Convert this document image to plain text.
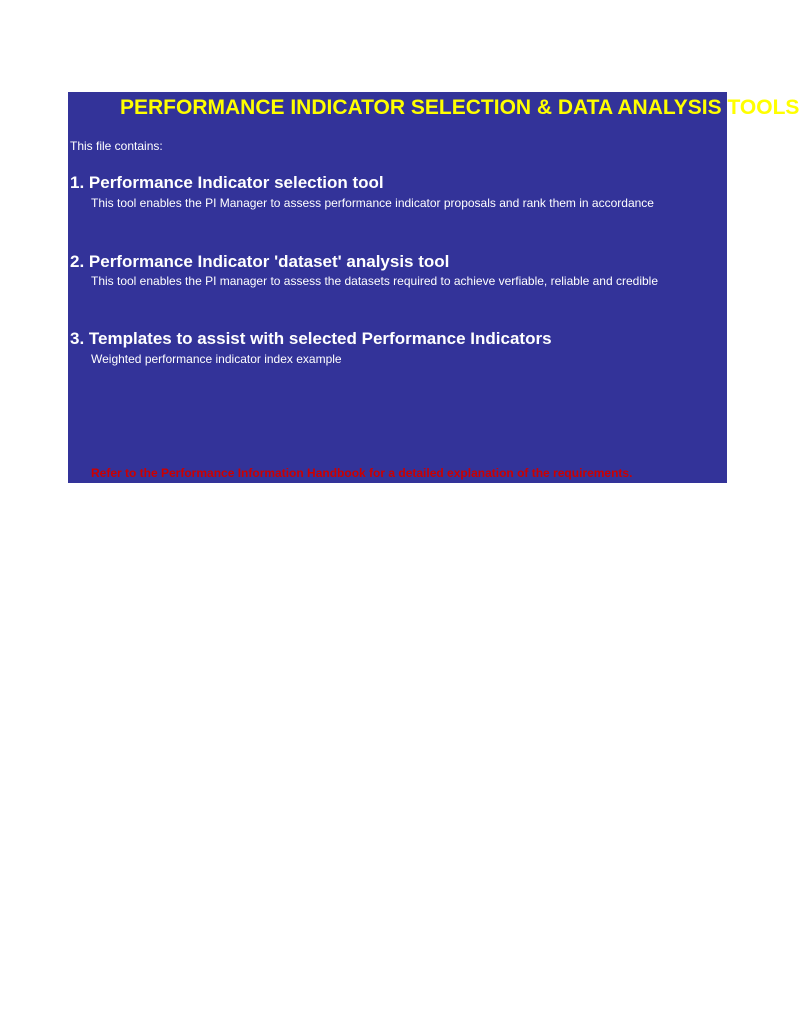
PERFORMANCE INDICATOR SELECTION & DATA ANALYSIS TOOLS
This file contains:
1. Performance Indicator selection tool
This tool enables the PI Manager to assess performance indicator proposals and rank them in accordance
2. Performance Indicator 'dataset' analysis tool
This tool enables the PI manager to assess the datasets required to achieve verfiable, reliable and credible
3. Templates to assist with selected Performance Indicators
Weighted performance indicator index example
Refer to the Performance Information Handbook for a detailed explanation of the requirements.
